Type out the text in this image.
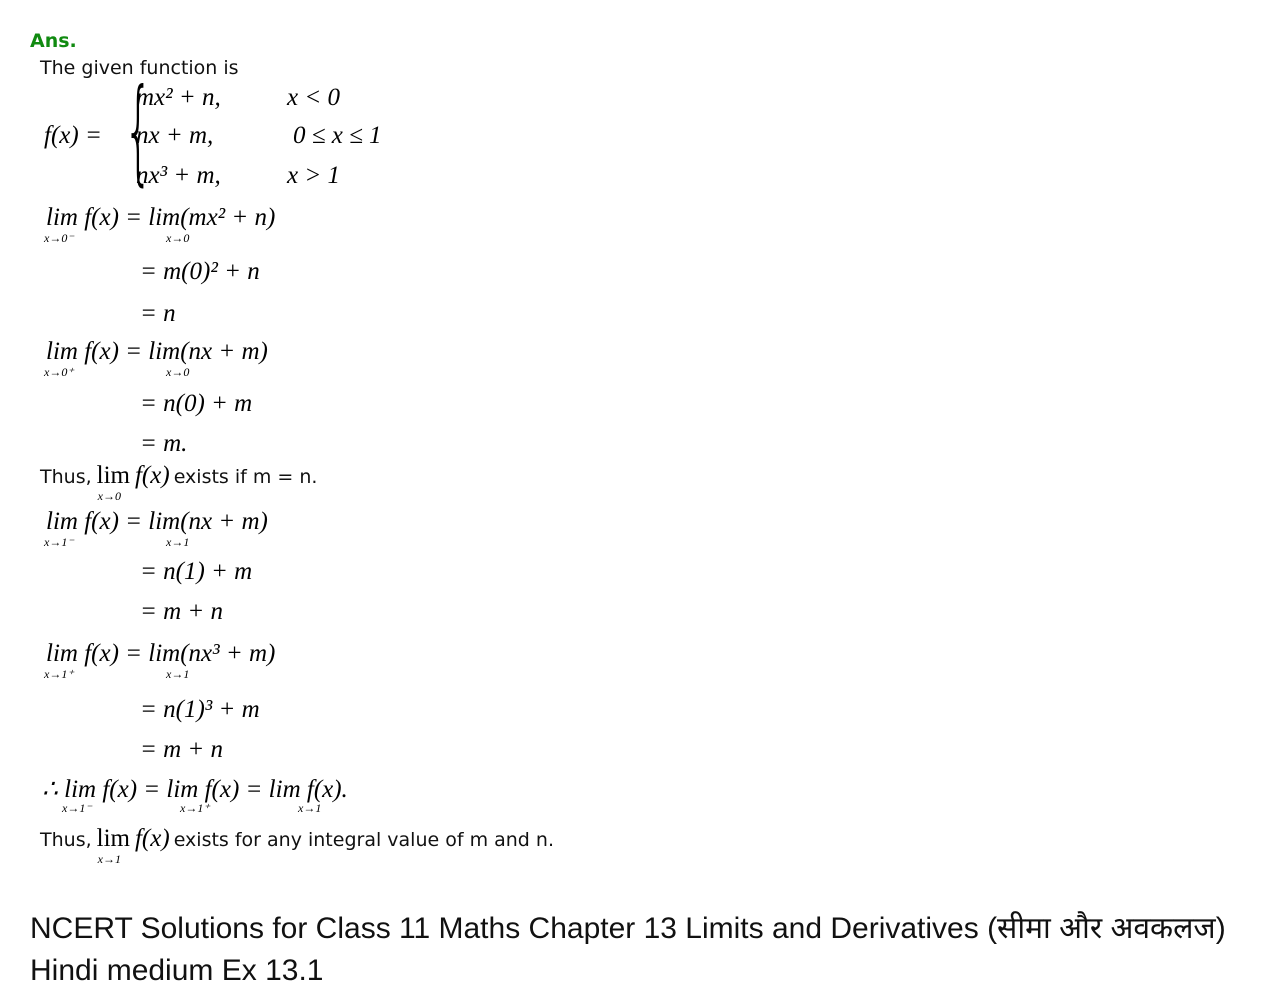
Ans.
The given function is
f(x) = {
mx² + n,	x < 0
nx + m,	0 ≤ x ≤ 1
nx³ + m,	x > 1
lim f(x) = lim(mx² + n)
x→0⁻	x→0
= m(0)² + n
= n
lim f(x) = lim(nx + m)
x→0⁺	x→0
= n(0) + m
= m.
Thus, lim
x→0
f(x) exists if m = n.
lim f(x) = lim(nx + m)
x→1⁻	x→1
= n(1) + m
= m + n
lim f(x) = lim(nx³ + m)
x→1⁺	x→1
= n(1)³ + m
= m + n
∴ lim f(x) = lim f(x) = lim f(x).
x→1⁻	x→1⁺	x→1
Thus, lim
x→1
f(x) exists for any integral value of m and n.
NCERT Solutions for Class 11 Maths Chapter 13 Limits and Derivatives (सीमा और अवकलज) Hindi medium Ex 13.1
